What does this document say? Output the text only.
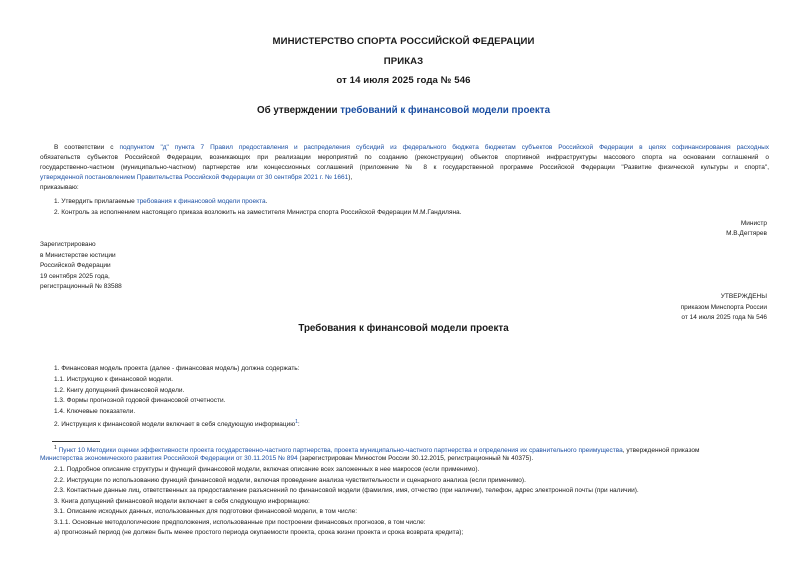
МИНИСТЕРСТВО СПОРТА РОССИЙСКОЙ ФЕДЕРАЦИИ
ПРИКАЗ
от 14 июля 2025 года № 546
Об утверждении требований к финансовой модели проекта
В соответствии с подпунктом "д" пункта 7 Правил предоставления и распределения субсидий из федерального бюджета бюджетам субъектов Российской Федерации в целях софинансирования расходных
обязательств субъектов Российской Федерации, возникающих при реализации мероприятий по созданию (реконструкции) объектов спортивной инфраструктуры массового спорта на основании соглашений о
государственно-частном (муниципально-частном) партнерстве или концессионных соглашений (приложение № 8 к государственной программе Российской Федерации "Развитие физической культуры и спорта",
утвержденной постановлением Правительства Российской Федерации от 30 сентября 2021 г. № 1661),
приказываю:
1. Утвердить прилагаемые требования к финансовой модели проекта.
2. Контроль за исполнением настоящего приказа возложить на заместителя Министра спорта Российской Федерации М.М.Гандиляна.
Министр
М.В.Дегтярев
Зарегистрировано
в Министерстве юстиции
Российской Федерации
19 сентября 2025 года,
регистрационный № 83588
УТВЕРЖДЕНЫ
приказом Минспорта России
от 14 июля 2025 года № 546
Требования к финансовой модели проекта
1. Финансовая модель проекта (далее - финансовая модель) должна содержать:
1.1. Инструкцию к финансовой модели.
1.2. Книгу допущений финансовой модели.
1.3. Формы прогнозной годовой финансовой отчетности.
1.4. Ключевые показатели.
2. Инструкция к финансовой модели включает в себя следующую информацию$^1$:
$^1$ Пункт 10 Методики оценки эффективности проекта государственно-частного партнерства, проекта муниципально-частного партнерства и определения их сравнительного преимущества, утвержденной приказом
Министерства экономического развития Российской Федерации от 30.11.2015 № 894 (зарегистрирован Минюстом России 30.12.2015, регистрационный № 40375).
2.1. Подробное описание структуры и функций финансовой модели, включая описание всех заложенных в нее макросов (если применимо).
2.2. Инструкции по использованию функций финансовой модели, включая проведение анализа чувствительности и сценарного анализа (если применимо).
2.3. Контактные данные лиц, ответственных за предоставление разъяснений по финансовой модели (фамилия, имя, отчество (при наличии), телефон, адрес электронной почты (при наличии).
3. Книга допущений финансовой модели включает в себя следующую информацию:
3.1. Описание исходных данных, использованных для подготовки финансовой модели, в том числе:
3.1.1. Основные методологические предположения, использованные при построении финансовых прогнозов, в том числе:
а) прогнозный период (не должен быть менее простого периода окупаемости проекта, срока жизни проекта и срока возврата кредита);
